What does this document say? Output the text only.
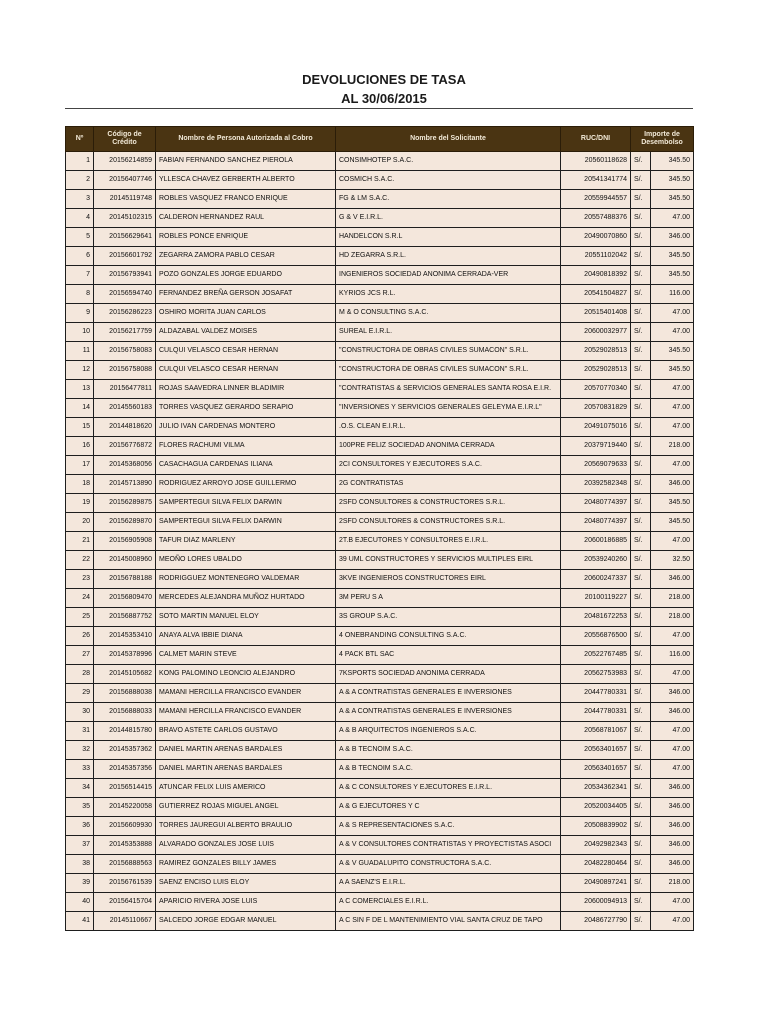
DEVOLUCIONES DE TASA
AL 30/06/2015
Nº	Código de Crédito	Nombre de Persona Autorizada al Cobro	Nombre del Solicitante	RUC/DNI	Importe de Desembolso	
1	20156214859	FABIAN FERNANDO SANCHEZ PIEROLA	CONSIMHOTEP S.A.C.	20560118628	S/.	345.50
2	20156407746	YLLESCA CHAVEZ GERBERTH ALBERTO	COSMICH S.A.C.	20541341774	S/.	345.50
3	20145119748	ROBLES VASQUEZ FRANCO ENRIQUE	FG & LM S.A.C.	20559944557	S/.	345.50
4	20145102315	CALDERON HERNANDEZ RAUL	G & V E.I.R.L.	20557488376	S/.	47.00
5	20156629641	ROBLES PONCE ENRIQUE	HANDELCON S.R.L	20490070860	S/.	346.00
6	20156601792	ZEGARRA ZAMORA PABLO CESAR	HD ZEGARRA S.R.L.	20551102042	S/.	345.50
7	20156793941	POZO GONZALES JORGE EDUARDO	INGENIEROS SOCIEDAD ANONIMA CERRADA-VER	20490818392	S/.	345.50
8	20156594740	FERNANDEZ BREÑA GERSON JOSAFAT	KYRIOS JCS R.L.	20541504827	S/.	116.00
9	20156286223	OSHIRO MORITA JUAN CARLOS	M & O CONSULTING S.A.C.	20515401408	S/.	47.00
10	20156217759	ALDAZABAL VALDEZ MOISES	SUREAL E.I.R.L.	20600032977	S/.	47.00
11	20156758083	CULQUI VELASCO CESAR HERNAN	"CONSTRUCTORA DE OBRAS CIVILES SUMACON" S.R.L.	20529028513	S/.	345.50
12	20156758088	CULQUI VELASCO CESAR HERNAN	"CONSTRUCTORA DE OBRAS CIVILES SUMACON" S.R.L.	20529028513	S/.	345.50
13	20156477811	ROJAS SAAVEDRA LINNER BLADIMIR	"CONTRATISTAS & SERVICIOS GENERALES SANTA ROSA E.I.R.	20570770340	S/.	47.00
14	20145560183	TORRES VASQUEZ GERARDO SERAPIO	"INVERSIONES Y SERVICIOS GENERALES GELEYMA E.I.R.L"	20570831829	S/.	47.00
15	20144818620	JULIO IVAN CARDENAS MONTERO	.O.S. CLEAN E.I.R.L.	20491075016	S/.	47.00
16	20156776872	FLORES RACHUMI VILMA	100PRE FELIZ SOCIEDAD ANONIMA CERRADA	20379719440	S/.	218.00
17	20145368056	CASACHAGUA CARDENAS ILIANA	2CI CONSULTORES Y EJECUTORES S.A.C.	20569079633	S/.	47.00
18	20145713890	RODRIGUEZ ARROYO JOSE GUILLERMO	2G CONTRATISTAS	20392582348	S/.	346.00
19	20156289875	SAMPERTEGUI SILVA FELIX DARWIN	2SFD CONSULTORES & CONSTRUCTORES S.R.L.	20480774397	S/.	345.50
20	20156289870	SAMPERTEGUI SILVA FELIX DARWIN	2SFD CONSULTORES & CONSTRUCTORES S.R.L.	20480774397	S/.	345.50
21	20156905908	TAFUR DIAZ MARLENY	2T.B EJECUTORES Y CONSULTORES E.I.R.L.	20600186885	S/.	47.00
22	20145008960	MEOÑO LORES UBALDO	39 UML CONSTRUCTORES Y SERVICIOS MULTIPLES EIRL	20539240260	S/.	32.50
23	20156788188	RODRIGGUEZ MONTENEGRO VALDEMAR	3KVE INGENIEROS CONSTRUCTORES EIRL	20600247337	S/.	346.00
24	20156809470	MERCEDES ALEJANDRA MUÑOZ HURTADO	3M PERU S A	20100119227	S/.	218.00
25	20156887752	SOTO MARTIN MANUEL ELOY	3S GROUP S.A.C.	20481672253	S/.	218.00
26	20145353410	ANAYA ALVA IBBIE DIANA	4 ONEBRANDING CONSULTING S.A.C.	20556876500	S/.	47.00
27	20145378996	CALMET MARIN STEVE	4 PACK BTL SAC	20522767485	S/.	116.00
28	20145105682	KONG PALOMINO LEONCIO ALEJANDRO	7KSPORTS SOCIEDAD ANONIMA CERRADA	20562753983	S/.	47.00
29	20156888038	MAMANI HERCILLA FRANCISCO EVANDER	A & A CONTRATISTAS GENERALES E INVERSIONES	20447780331	S/.	346.00
30	20156888033	MAMANI HERCILLA FRANCISCO EVANDER	A & A CONTRATISTAS GENERALES E INVERSIONES	20447780331	S/.	346.00
31	20144815780	BRAVO ASTETE CARLOS GUSTAVO	A & B ARQUITECTOS INGENIEROS S.A.C.	20568781067	S/.	47.00
32	20145357362	DANIEL MARTIN ARENAS BARDALES	A & B TECNOIM S.A.C.	20563401657	S/.	47.00
33	20145357356	DANIEL MARTIN ARENAS BARDALES	A & B TECNOIM S.A.C.	20563401657	S/.	47.00
34	20156514415	ATUNCAR FELIX LUIS AMERICO	A & C CONSULTORES Y EJECUTORES E.I.R.L.	20534362341	S/.	346.00
35	20145220058	GUTIERREZ ROJAS MIGUEL ANGEL	A & G EJECUTORES Y C	20520034405	S/.	346.00
36	20156609930	TORRES JAUREGUI ALBERTO BRAULIO	A & S REPRESENTACIONES S.A.C.	20508839902	S/.	346.00
37	20145353888	ALVARADO GONZALES JOSE LUIS	A & V CONSULTORES CONTRATISTAS Y PROYECTISTAS ASOCI	20492982343	S/.	346.00
38	20156888563	RAMIREZ GONZALES BILLY JAMES	A & V GUADALUPITO CONSTRUCTORA S.A.C.	20482280464	S/.	346.00
39	20156761539	SAENZ ENCISO LUIS ELOY	A A SAENZ'S E.I.R.L.	20490897241	S/.	218.00
40	20156415704	APARICIO RIVERA JOSE LUIS	A C COMERCIALES E.I.R.L.	20600094913	S/.	47.00
41	20145110667	SALCEDO JORGE EDGAR MANUEL	A C SIN F DE L MANTENIMIENTO VIAL SANTA CRUZ DE TAPO	20486727790	S/.	47.00
